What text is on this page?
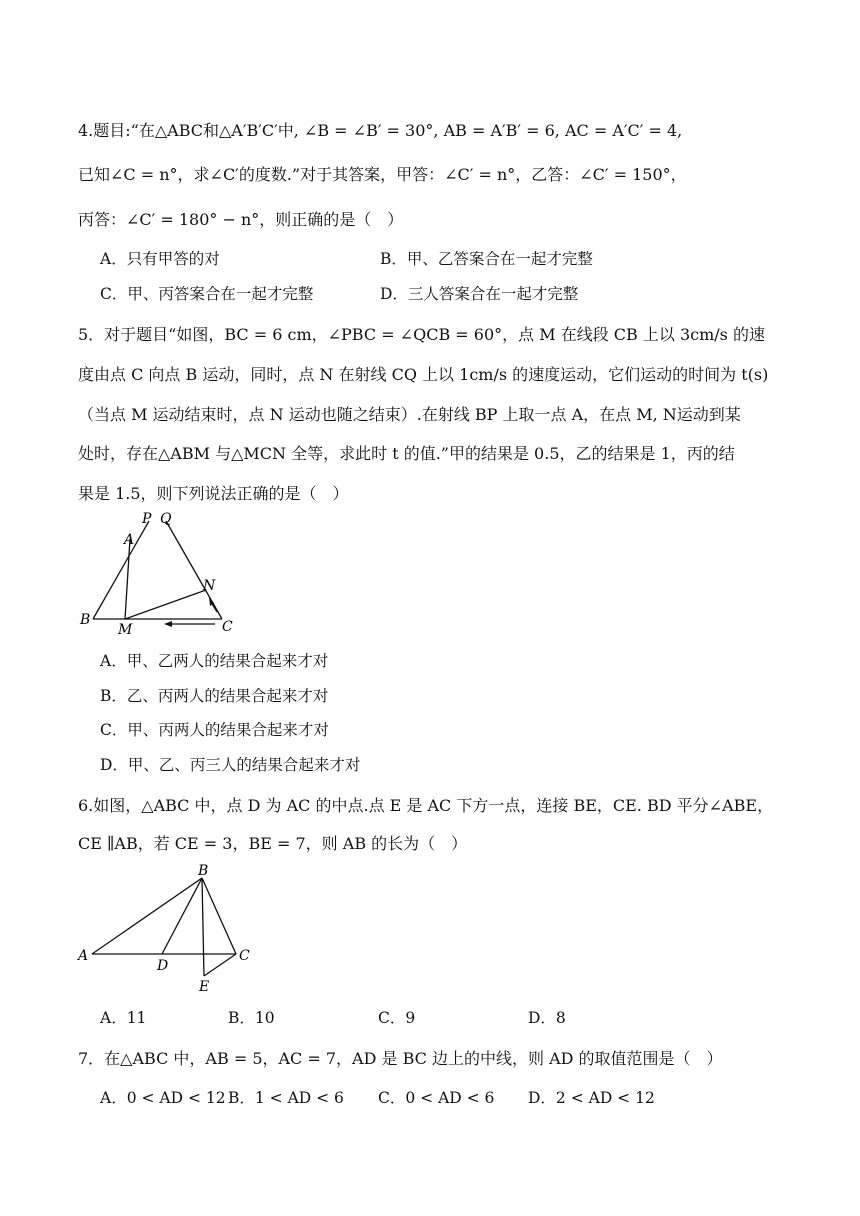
4.题目:“在△ABC和△A′B′C′中, ∠B = ∠B′ = 30°, AB = A′B′ = 6, AC = A′C′ = 4,
已知∠C = n°，求∠C′的度数.”对于其答案，甲答：∠C′ = n°，乙答：∠C′ = 150°，
丙答：∠C′ = 180° − n°，则正确的是（　）
A．只有甲答的对	B．甲、乙答案合在一起才完整
C．甲、丙答案合在一起才完整	D．三人答案合在一起才完整
5．对于题目“如图，BC = 6 cm，∠PBC = ∠QCB = 60°，点 M 在线段 CB 上以 3cm/s 的速
度由点 C 向点 B 运动，同时，点 N 在射线 CQ 上以 1cm/s 的速度运动，它们运动的时间为 t(s)
（当点 M 运动结束时，点 N 运动也随之结束）.在射线 BP 上取一点 A，在点 M, N运动到某
处时，存在△ABM 与△MCN 全等，求此时 t 的值.”甲的结果是 0.5，乙的结果是 1，丙的结
果是 1.5，则下列说法正确的是（　）
P Q
A
N
B
M	C
A．甲、乙两人的结果合起来才对
B．乙、丙两人的结果合起来才对
C．甲、丙两人的结果合起来才对
D．甲、乙、丙三人的结果合起来才对
6.如图，△ABC 中，点 D 为 AC 的中点.点 E 是 AC 下方一点，连接 BE，CE. BD 平分∠ABE，
CE ∥AB，若 CE = 3，BE = 7，则 AB 的长为（　）
B
A
D
C
E
A．11	B．10	C．9	D．8
7．在△ABC 中，AB = 5，AC = 7，AD 是 BC 边上的中线，则 AD 的取值范围是（　）
A．0 < AD < 12 B．1 < AD < 6 C．0 < AD < 6 D．2 < AD < 12
